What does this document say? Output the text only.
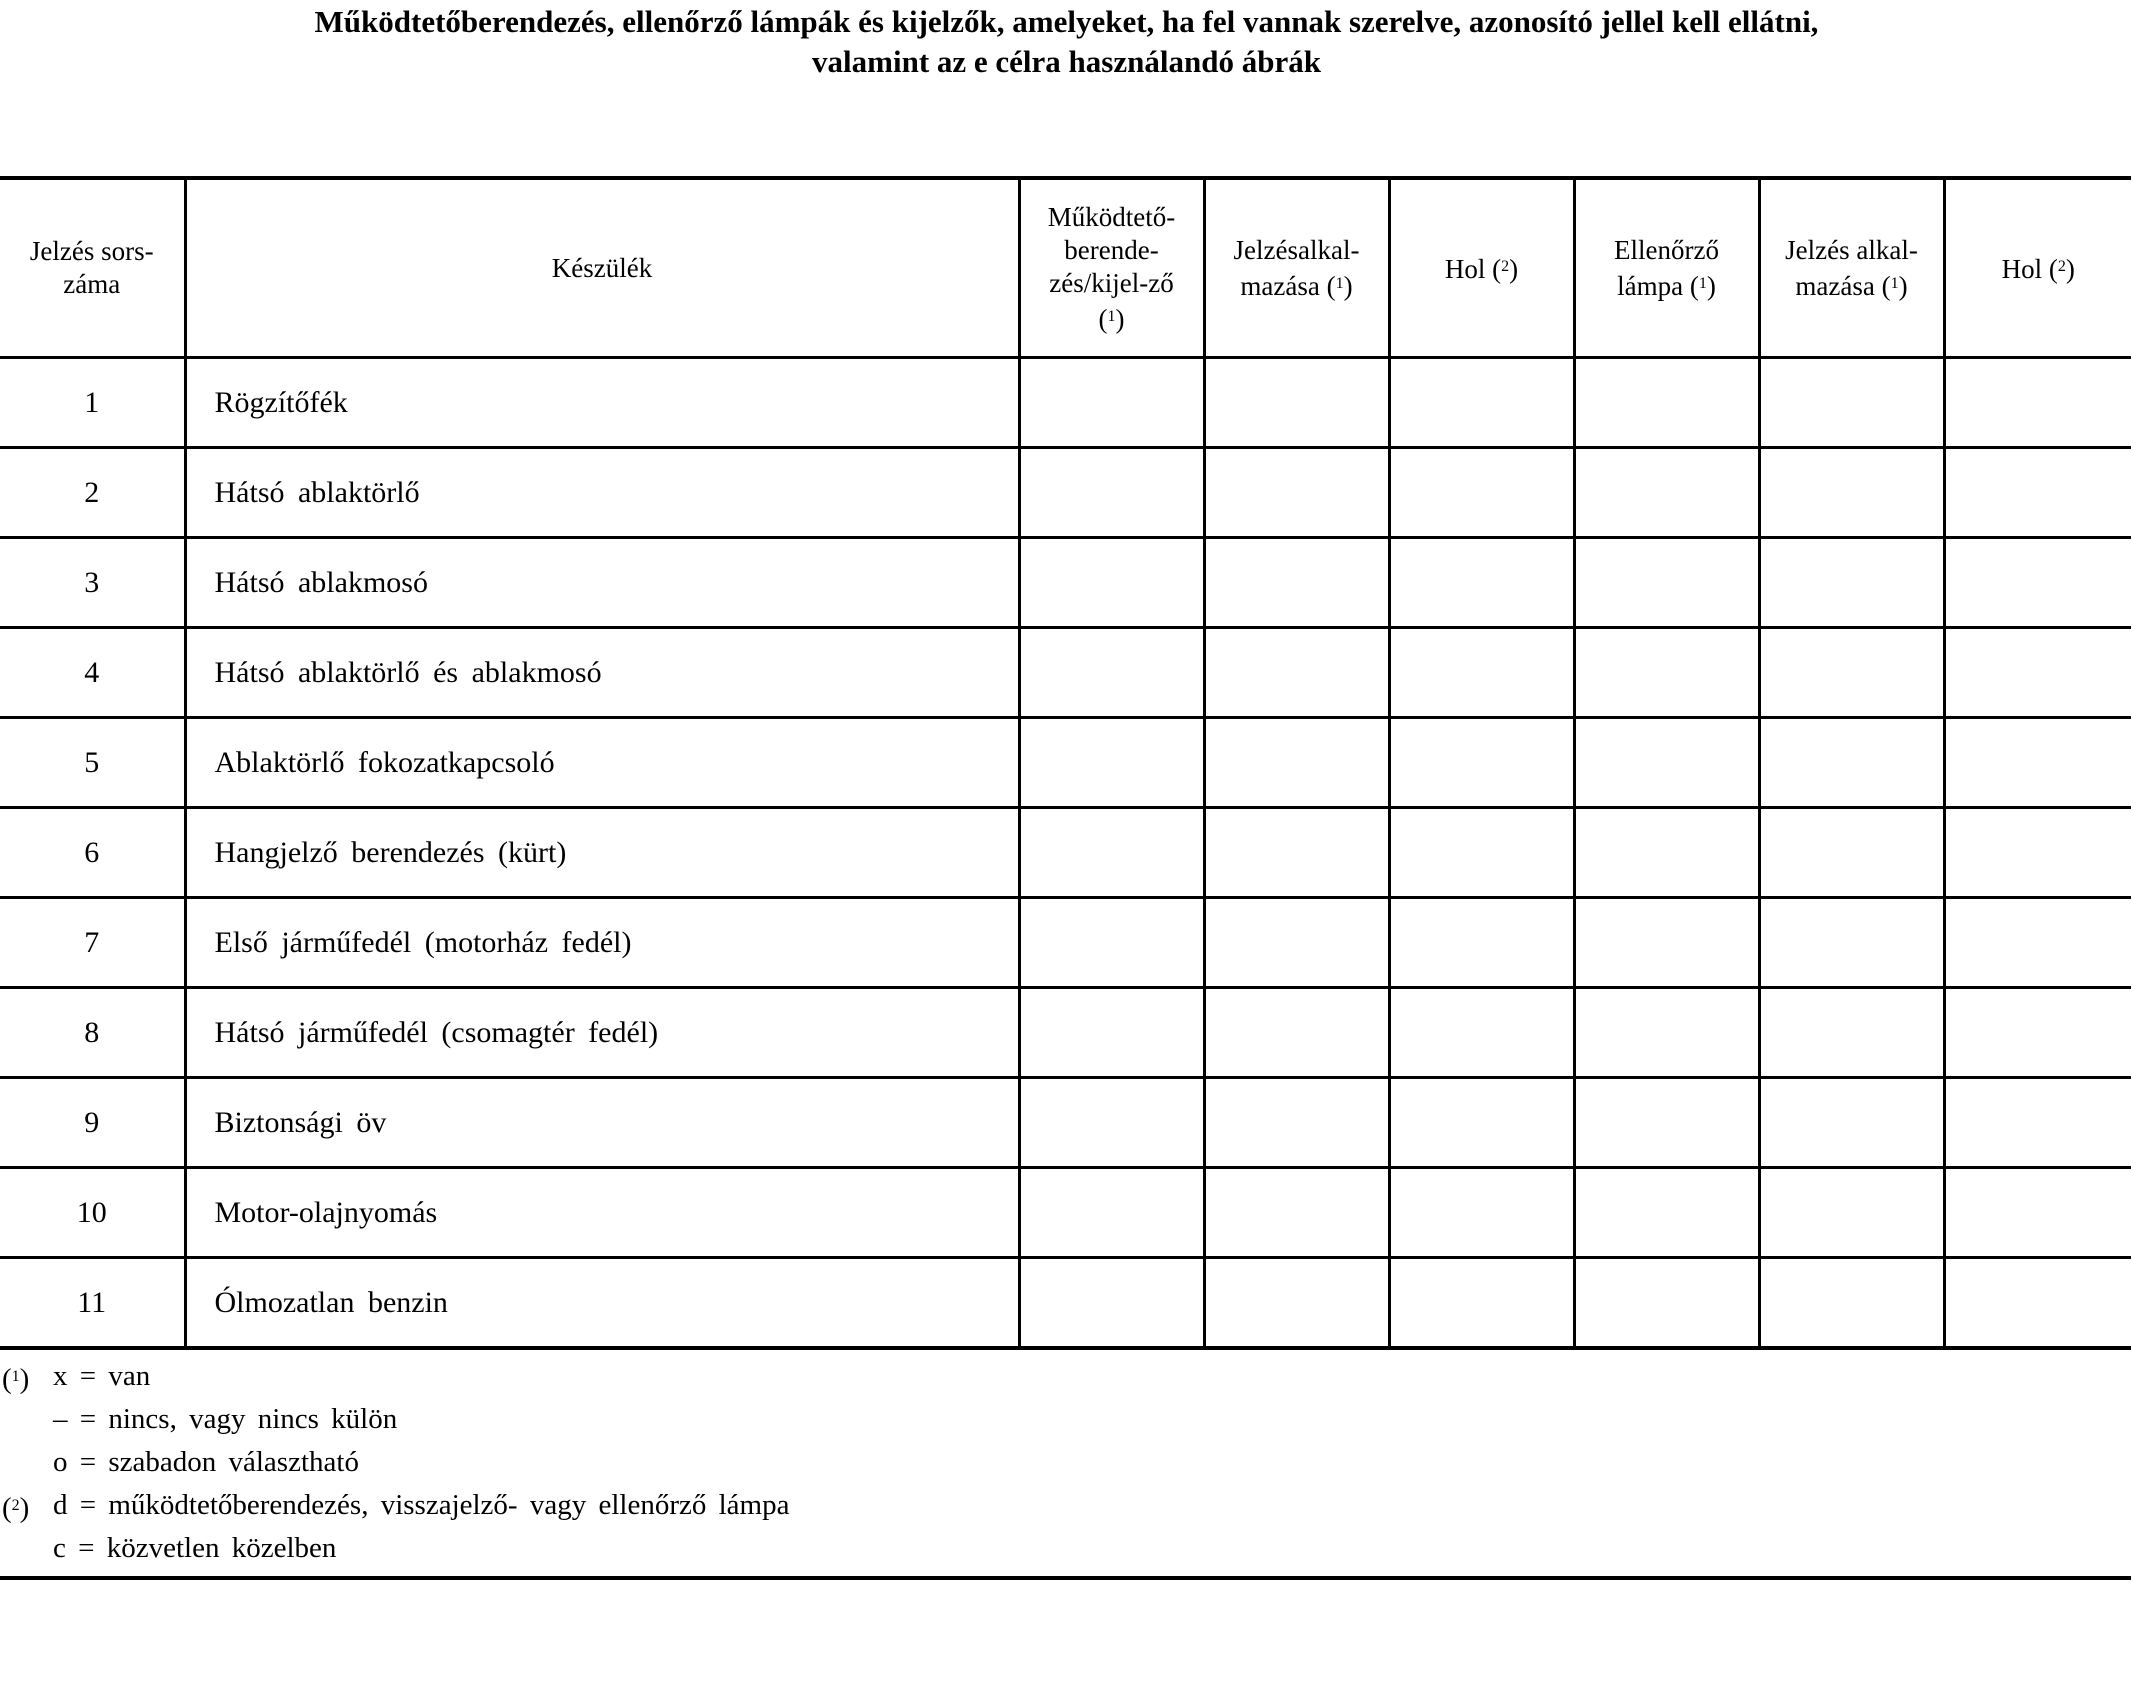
Működtetőberendezés, ellenőrző lámpák és kijelzők, amelyeket, ha fel vannak szerelve, azonosító jellel kell ellátni,
valamint az e célra használandó ábrák
Jelzés sors-záma	Készülék	Működtető-berende-zés/kijel-ző ($^1$)	Jelzésalkal-mazása ($^1$)	Hol ($^2$)	Ellenőrző lámpa ($^1$)	Jelzés alkal-mazása ($^1$)	Hol ($^2$)
1	Rögzítőfék						
2	Hátsó ablaktörlő						
3	Hátsó ablakmosó						
4	Hátsó ablaktörlő és ablakmosó						
5	Ablaktörlő fokozatkapcsoló						
6	Hangjelző berendezés (kürt)						
7	Első járműfedél (motorház fedél)						
8	Hátsó járműfedél (csomagtér fedél)						
9	Biztonsági öv						
10	Motor-olajnyomás						
11	Ólmozatlan benzin						
($^1$) x = van
– = nincs, vagy nincs külön
o = szabadon választható
($^2$) d = működtetőberendezés, visszajelző- vagy ellenőrző lámpa
c = közvetlen közelben
